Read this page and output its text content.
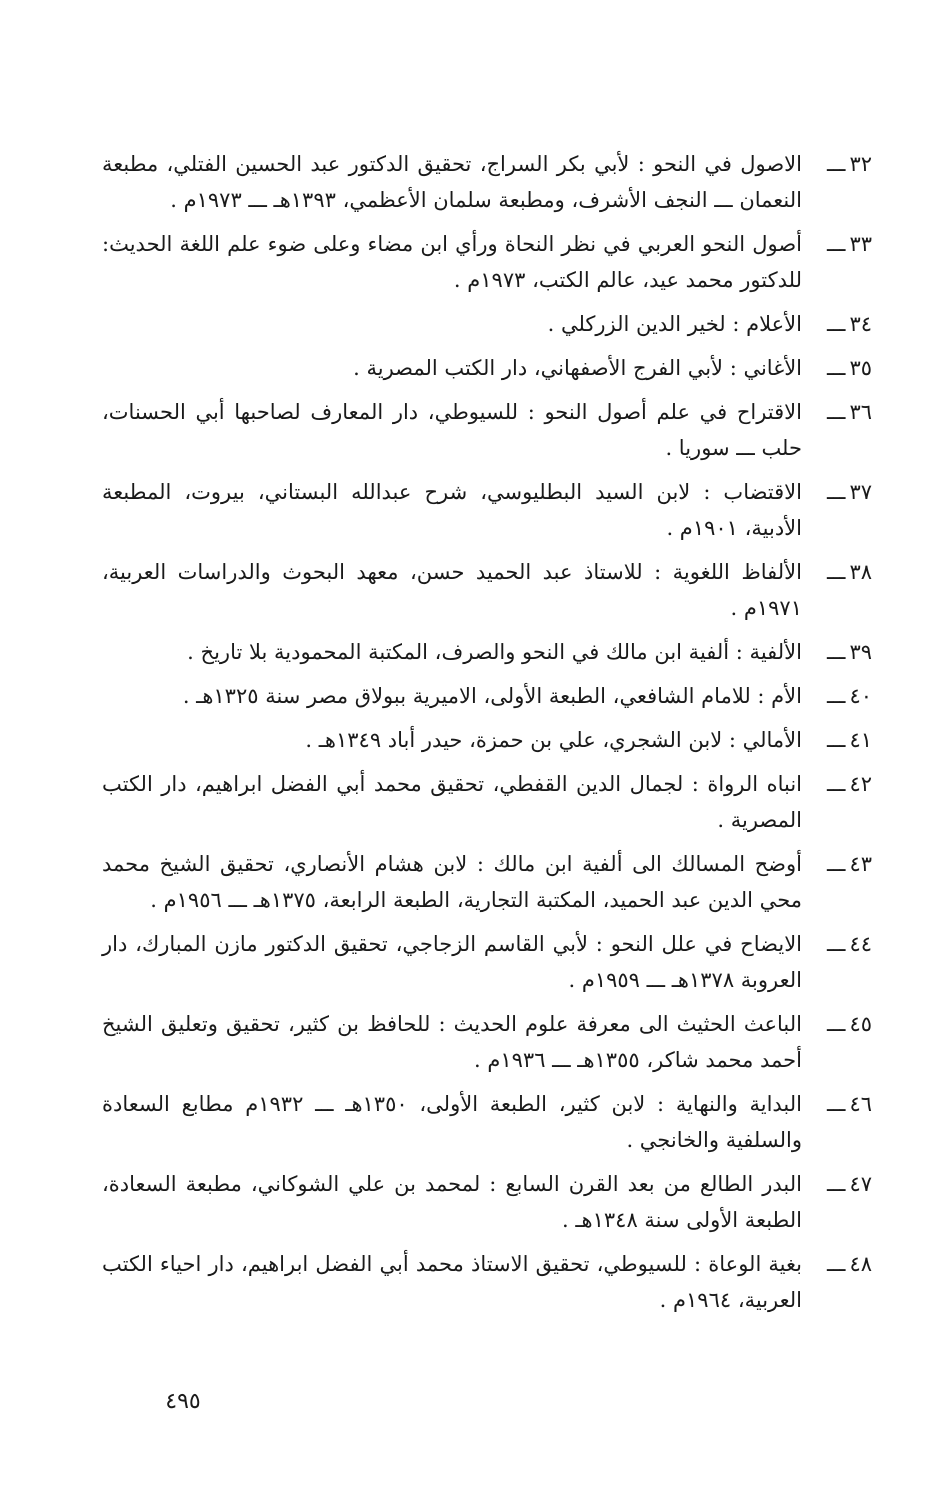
٣٢ـــ
الاصول في النحو : لأبي بكر السراج، تحقيق الدكتور عبد الحسين الفتلي، مطبعة النعمان ـــ النجف الأشرف، ومطبعة سلمان الأعظمي، ١٣٩٣هـ ـــ ١٩٧٣م .
٣٣ـــ
أصول النحو العربي في نظر النحاة ورأي ابن مضاء وعلى ضوء علم اللغة الحديث: للدكتور محمد عيد، عالم الكتب، ١٩٧٣م .
٣٤ـــ
الأعلام : لخير الدين الزركلي .
٣٥ـــ
الأغاني : لأبي الفرج الأصفهاني، دار الكتب المصرية .
٣٦ـــ
الاقتراح في علم أصول النحو : للسيوطي، دار المعارف لصاحبها أبي الحسنات، حلب ـــ سوريا .
٣٧ـــ
الاقتضاب : لابن السيد البطليوسي، شرح عبدالله البستاني، بيروت، المطبعة الأدبية، ١٩٠١م .
٣٨ـــ
الألفاظ اللغوية : للاستاذ عبد الحميد حسن، معهد البحوث والدراسات العربية، ١٩٧١م .
٣٩ـــ
الألفية : ألفية ابن مالك في النحو والصرف، المكتبة المحمودية بلا تاريخ .
٤٠ـــ
الأم : للامام الشافعي، الطبعة الأولى، الاميرية ببولاق مصر سنة ١٣٢٥هـ .
٤١ـــ
الأمالي : لابن الشجري، علي بن حمزة، حيدر أباد ١٣٤٩هـ .
٤٢ـــ
انباه الرواة : لجمال الدين القفطي، تحقيق محمد أبي الفضل ابراهيم، دار الكتب المصرية .
٤٣ـــ
أوضح المسالك الى ألفية ابن مالك : لابن هشام الأنصاري، تحقيق الشيخ محمد محي الدين عبد الحميد، المكتبة التجارية، الطبعة الرابعة، ١٣٧٥هـ ـــ ١٩٥٦م .
٤٤ـــ
الايضاح في علل النحو : لأبي القاسم الزجاجي، تحقيق الدكتور مازن المبارك، دار العروبة ١٣٧٨هـ ـــ ١٩٥٩م .
٤٥ـــ
الباعث الحثيث الى معرفة علوم الحديث : للحافظ بن كثير، تحقيق وتعليق الشيخ أحمد محمد شاكر، ١٣٥٥هـ ـــ ١٩٣٦م .
٤٦ـــ
البداية والنهاية : لابن كثير، الطبعة الأولى، ١٣٥٠هـ ـــ ١٩٣٢م مطابع السعادة والسلفية والخانجي .
٤٧ـــ
البدر الطالع من بعد القرن السابع : لمحمد بن علي الشوكاني، مطبعة السعادة، الطبعة الأولى سنة ١٣٤٨هـ .
٤٨ـــ
بغية الوعاة : للسيوطي، تحقيق الاستاذ محمد أبي الفضل ابراهيم، دار احياء الكتب العربية، ١٩٦٤م .
٤٩٥
